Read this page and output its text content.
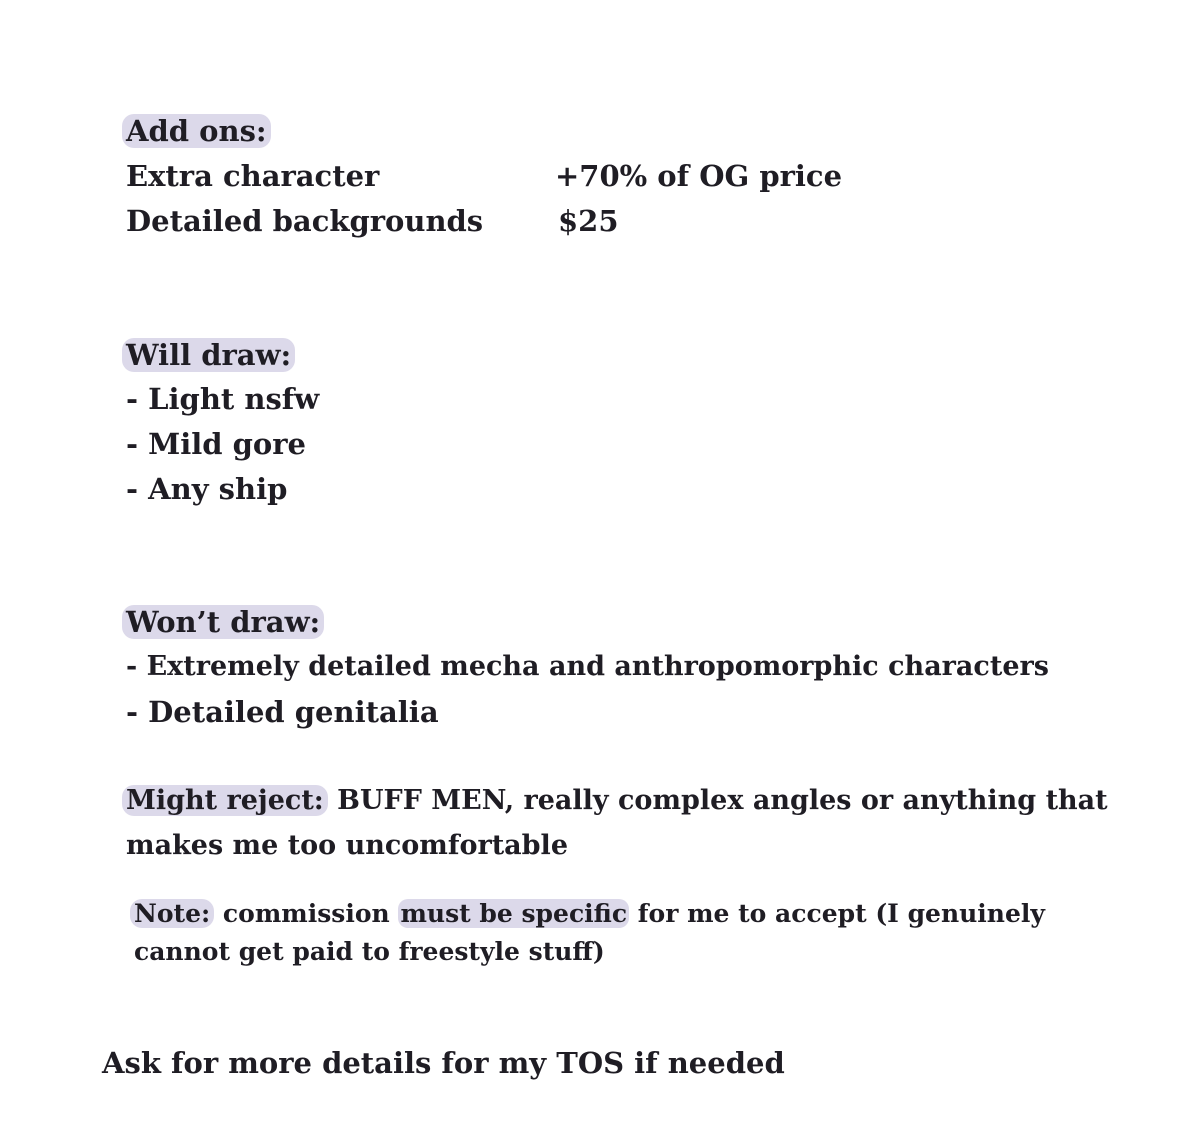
Add ons:
Extra character	+70% of OG price
Detailed backgrounds	$25
Will draw:
- Light nsfw
- Mild gore
- Any ship
Won’t draw:
- Extremely detailed mecha and anthropomorphic characters
- Detailed genitalia
Might reject: BUFF MEN, really complex angles or anything that
makes me too uncomfortable
Note: commission must be specific for me to accept (I genuinely
cannot get paid to freestyle stuff)
Ask for more details for my TOS if needed
